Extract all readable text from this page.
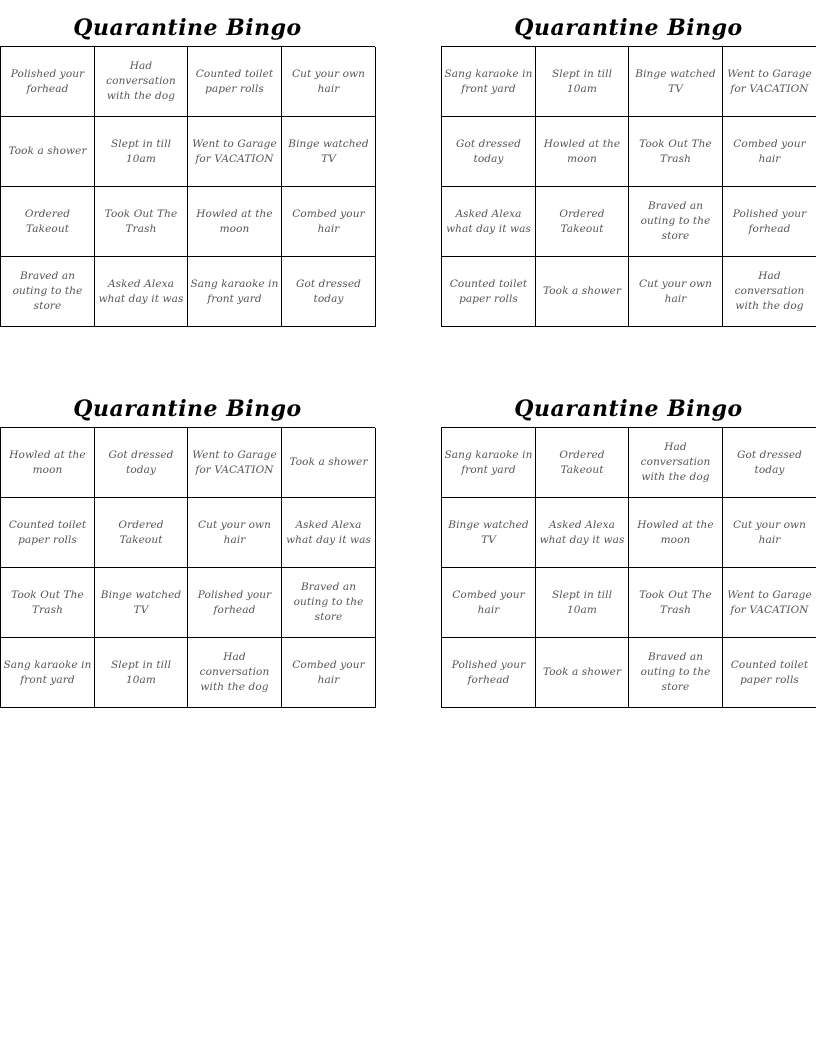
Quarantine Bingo
Polished your forhead
Had conversation with the dog
Counted toilet paper rolls
Cut your own hair
Took a shower
Slept in till 10am
Went to Garage for VACATION
Binge watched TV
Ordered Takeout
Took Out The Trash
Howled at the moon
Combed your hair
Braved an outing to the store
Asked Alexa what day it was
Sang karaoke in front yard
Got dressed today
Quarantine Bingo
Sang karaoke in front yard
Slept in till 10am
Binge watched TV
Went to Garage for VACATION
Got dressed today
Howled at the moon
Took Out The Trash
Combed your hair
Asked Alexa what day it was
Ordered Takeout
Braved an outing to the store
Polished your forhead
Counted toilet paper rolls
Took a shower
Cut your own hair
Had conversation with the dog
Quarantine Bingo
Howled at the moon
Got dressed today
Went to Garage for VACATION
Took a shower
Counted toilet paper rolls
Ordered Takeout
Cut your own hair
Asked Alexa what day it was
Took Out The Trash
Binge watched TV
Polished your forhead
Braved an outing to the store
Sang karaoke in front yard
Slept in till 10am
Had conversation with the dog
Combed your hair
Quarantine Bingo
Sang karaoke in front yard
Ordered Takeout
Had conversation with the dog
Got dressed today
Binge watched TV
Asked Alexa what day it was
Howled at the moon
Cut your own hair
Combed your hair
Slept in till 10am
Took Out The Trash
Went to Garage for VACATION
Polished your forhead
Took a shower
Braved an outing to the store
Counted toilet paper rolls
